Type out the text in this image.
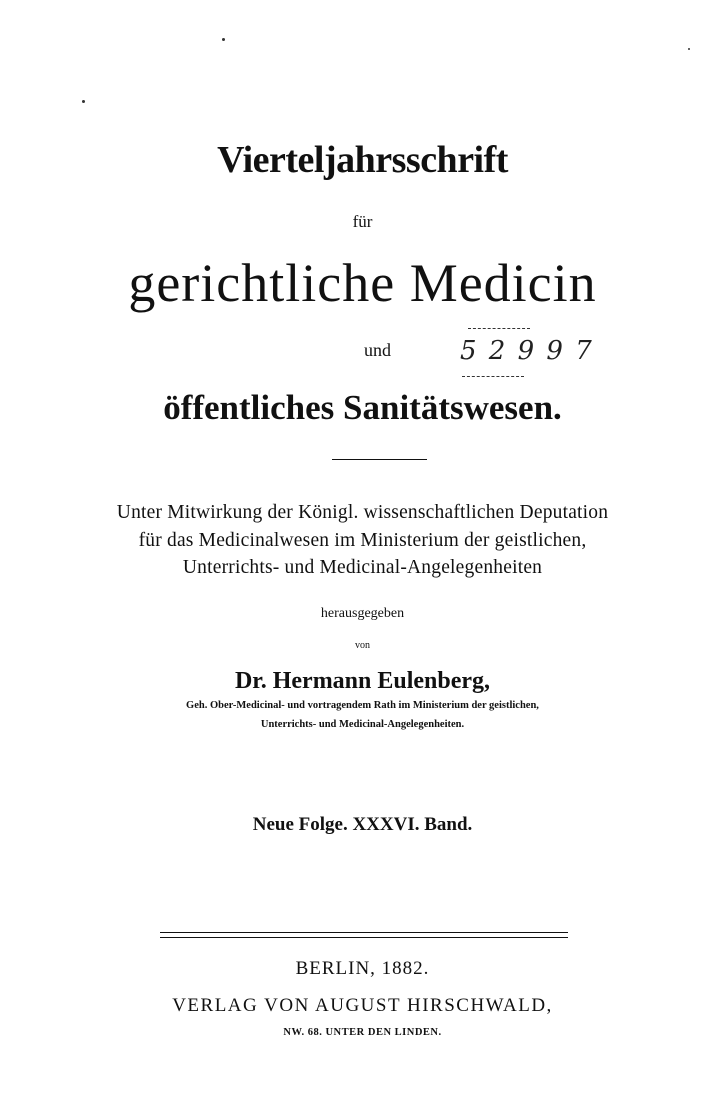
Vierteljahrsschrift
für
gerichtliche Medicin
und	5 2 9 9 7
öffentliches Sanitätswesen.
Unter Mitwirkung der Königl. wissenschaftlichen Deputation
für das Medicinalwesen im Ministerium der geistlichen,
Unterrichts- und Medicinal-Angelegenheiten
herausgegeben
von
Dr. Hermann Eulenberg,
Geh. Ober-Medicinal- und vortragendem Rath im Ministerium der geistlichen,
Unterrichts- und Medicinal-Angelegenheiten.
Neue Folge. XXXVI. Band.
BERLIN, 1882.
VERLAG VON AUGUST HIRSCHWALD,
NW. 68. UNTER DEN LINDEN.
